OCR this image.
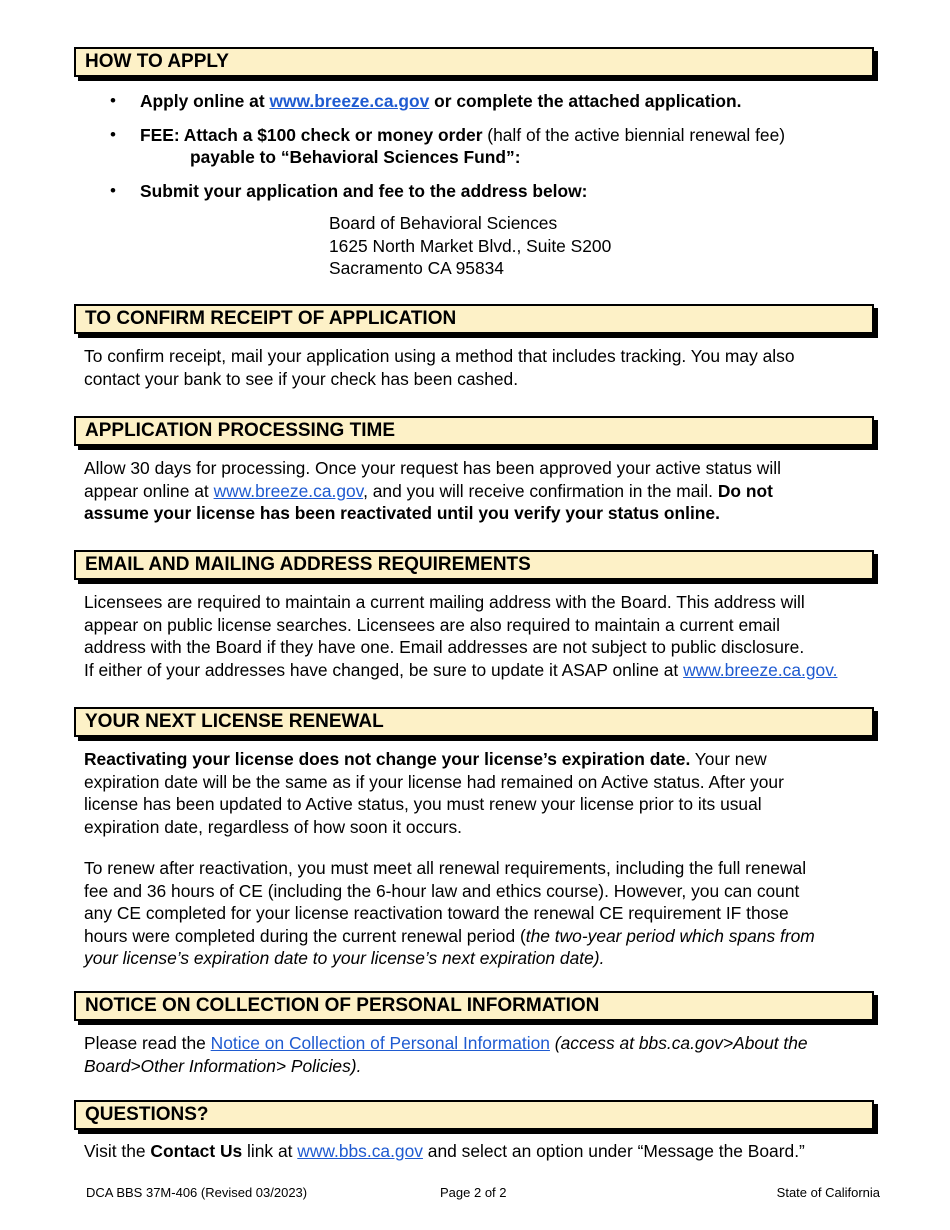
HOW TO APPLY
• Apply online at www.breeze.ca.gov or complete the attached application.
• FEE: Attach a $100 check or money order (half of the active biennial renewal fee)
payable to “Behavioral Sciences Fund”:
• Submit your application and fee to the address below:
Board of Behavioral Sciences
1625 North Market Blvd., Suite S200
Sacramento CA 95834
TO CONFIRM RECEIPT OF APPLICATION
To confirm receipt, mail your application using a method that includes tracking. You may also
contact your bank to see if your check has been cashed.
APPLICATION PROCESSING TIME
Allow 30 days for processing. Once your request has been approved your active status will
appear online at www.breeze.ca.gov, and you will receive confirmation in the mail. Do not
assume your license has been reactivated until you verify your status online.
EMAIL AND MAILING ADDRESS REQUIREMENTS
Licensees are required to maintain a current mailing address with the Board. This address will
appear on public license searches. Licensees are also required to maintain a current email
address with the Board if they have one. Email addresses are not subject to public disclosure.
If either of your addresses have changed, be sure to update it ASAP online at www.breeze.ca.gov.
YOUR NEXT LICENSE RENEWAL
Reactivating your license does not change your license’s expiration date. Your new
expiration date will be the same as if your license had remained on Active status. After your
license has been updated to Active status, you must renew your license prior to its usual
expiration date, regardless of how soon it occurs.
To renew after reactivation, you must meet all renewal requirements, including the full renewal
fee and 36 hours of CE (including the 6-hour law and ethics course). However, you can count
any CE completed for your license reactivation toward the renewal CE requirement IF those
hours were completed during the current renewal period (the two-year period which spans from
your license’s expiration date to your license’s next expiration date).
NOTICE ON COLLECTION OF PERSONAL INFORMATION
Please read the Notice on Collection of Personal Information (access at bbs.ca.gov>About the
Board>Other Information> Policies).
QUESTIONS?
Visit the Contact Us link at www.bbs.ca.gov and select an option under “Message the Board.”
DCA BBS 37M-406 (Revised 03/2023)	Page 2 of 2	State of California
